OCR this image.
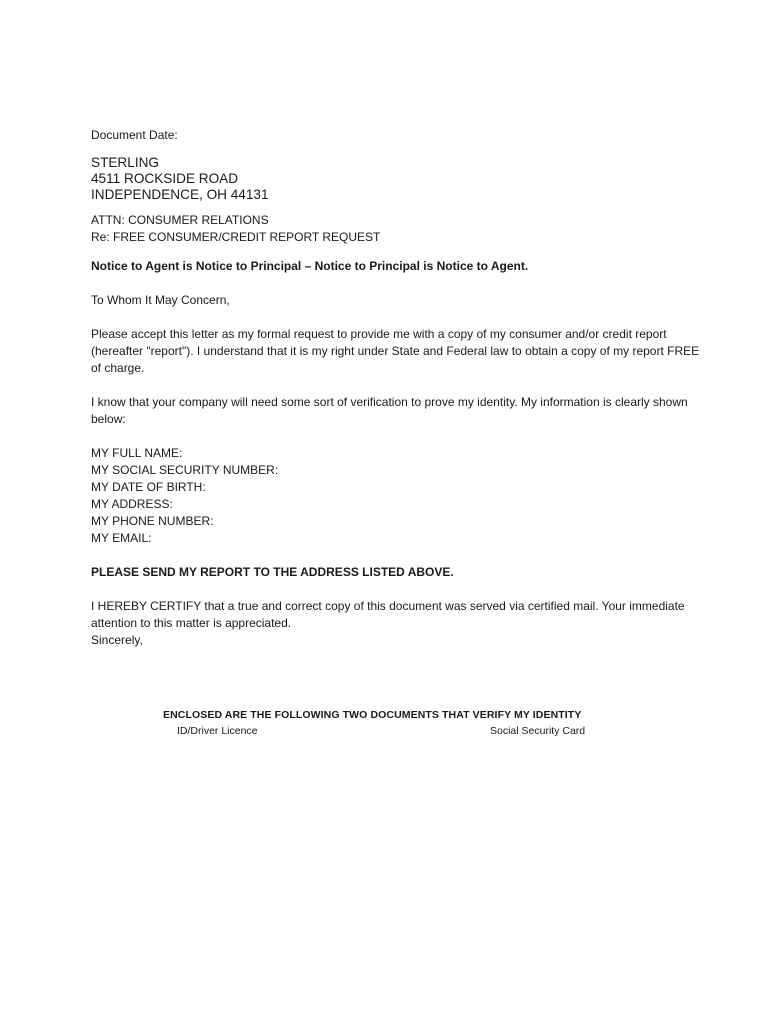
Document Date:
STERLING
4511 ROCKSIDE ROAD
INDEPENDENCE, OH 44131
ATTN: CONSUMER RELATIONS
Re: FREE CONSUMER/CREDIT REPORT REQUEST
Notice to Agent is Notice to Principal – Notice to Principal is Notice to Agent.
To Whom It May Concern,
Please accept this letter as my formal request to provide me with a copy of my consumer and/or credit report (hereafter "report"). I understand that it is my right under State and Federal law to obtain a copy of my report FREE of charge.
I know that your company will need some sort of verification to prove my identity. My information is clearly shown below:
MY FULL NAME:
MY SOCIAL SECURITY NUMBER:
MY DATE OF BIRTH:
MY ADDRESS:
MY PHONE NUMBER:
MY EMAIL:
PLEASE SEND MY REPORT TO THE ADDRESS LISTED ABOVE.
I HEREBY CERTIFY that a true and correct copy of this document was served via certified mail. Your immediate attention to this matter is appreciated.
Sincerely,
ENCLOSED ARE THE FOLLOWING TWO DOCUMENTS THAT VERIFY MY IDENTITY
ID/Driver Licence	Social Security Card
